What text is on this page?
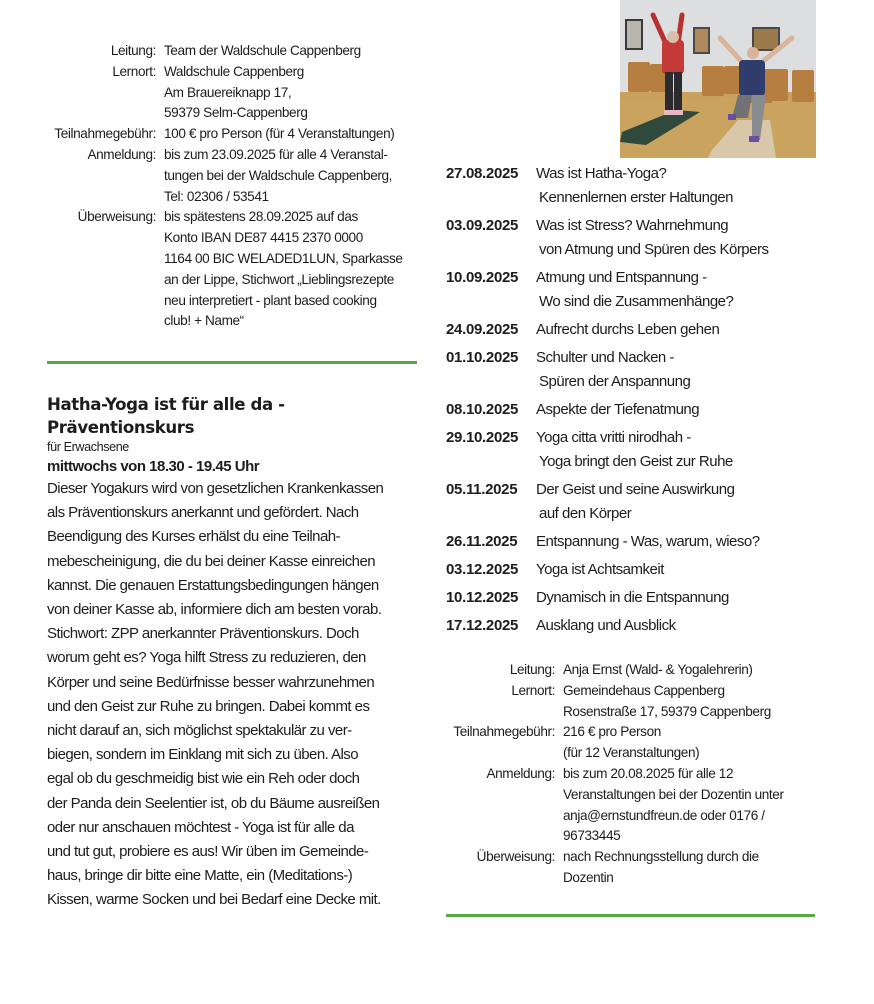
Leitung: Team der Waldschule Cappenberg
Lernort: Waldschule Cappenberg
Am Brauereiknapp 17,
59379 Selm-Cappenberg
Teilnahmegebühr: 100 € pro Person (für 4 Veranstaltungen)
Anmeldung: bis zum 23.09.2025 für alle 4 Veranstal-
tungen bei der Waldschule Cappenberg,
Tel: 02306 / 53541
Überweisung: bis spätestens 28.09.2025 auf das
Konto IBAN DE87 4415 2370 0000
1164 00 BIC WELADED1LUN, Sparkasse
an der Lippe, Stichwort „Lieblingsrezepte
neu interpretiert - plant based cooking
club! + Name“
Hatha-Yoga ist für alle da -
Präventionskurs
für Erwachsene
mittwochs von 18.30 - 19.45 Uhr
Dieser Yogakurs wird von gesetzlichen Krankenkassen
als Präventionskurs anerkannt und gefördert. Nach
Beendigung des Kurses erhälst du eine Teilnah-
mebescheinigung, die du bei deiner Kasse einreichen
kannst. Die genauen Erstattungsbedingungen hängen
von deiner Kasse ab, informiere dich am besten vorab.
Stichwort: ZPP anerkannter Präventionskurs. Doch
worum geht es? Yoga hilft Stress zu reduzieren, den
Körper und seine Bedürfnisse besser wahrzunehmen
und den Geist zur Ruhe zu bringen. Dabei kommt es
nicht darauf an, sich möglichst spektakulär zu ver-
biegen, sondern im Einklang mit sich zu üben. Also
egal ob du geschmeidig bist wie ein Reh oder doch
der Panda dein Seelentier ist, ob du Bäume ausreißen
oder nur anschauen möchtest - Yoga ist für alle da
und tut gut, probiere es aus! Wir üben im Gemeinde-
haus, bringe dir bitte eine Matte, ein (Meditations-)
Kissen, warme Socken und bei Bedarf eine Decke mit.
27.08.2025	Was ist Hatha-Yoga?
Kennenlernen erster Haltungen
03.09.2025	Was ist Stress? Wahrnehmung
von Atmung und Spüren des Körpers
10.09.2025	Atmung und Entspannung -
Wo sind die Zusammenhänge?
24.09.2025	Aufrecht durchs Leben gehen
01.10.2025	Schulter und Nacken -
Spüren der Anspannung
08.10.2025	Aspekte der Tiefenatmung
29.10.2025	Yoga citta vritti nirodhah -
Yoga bringt den Geist zur Ruhe
05.11.2025	Der Geist und seine Auswirkung
auf den Körper
26.11.2025	Entspannung - Was, warum, wieso?
03.12.2025	Yoga ist Achtsamkeit
10.12.2025	Dynamisch in die Entspannung
17.12.2025	Ausklang und Ausblick
Leitung: Anja Ernst (Wald- & Yogalehrerin)
Lernort: Gemeindehaus Cappenberg
Rosenstraße 17, 59379 Cappenberg
Teilnahmegebühr: 216 € pro Person
(für 12 Veranstaltungen)
Anmeldung: bis zum 20.08.2025 für alle 12
Veranstaltungen bei der Dozentin unter
anja@ernstundfreun.de oder 0176 /
96733445
Überweisung: nach Rechnungsstellung durch die
Dozentin
